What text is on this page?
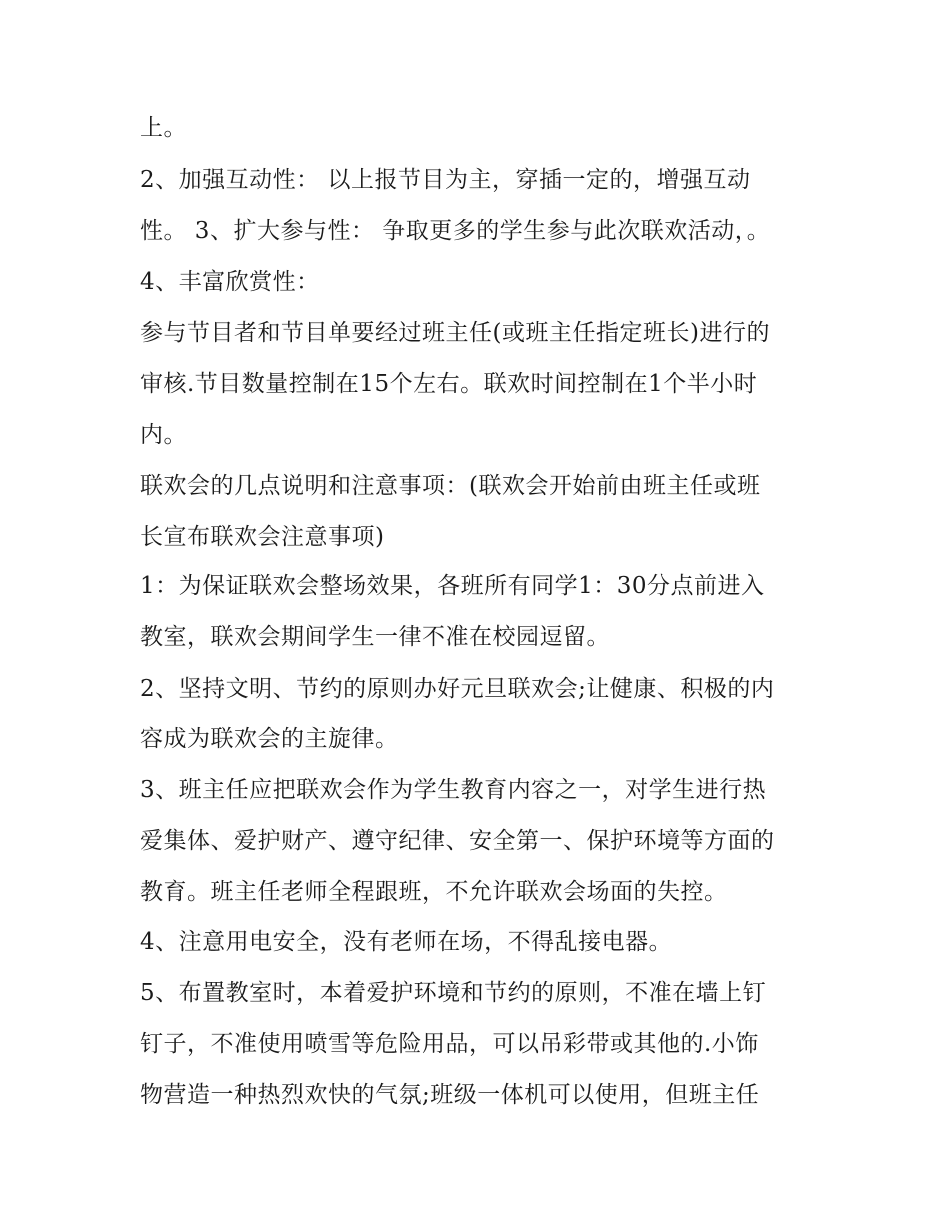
上。
2、加强互动性： 以上报节目为主，穿插一定的，增强互动
性。 3、扩大参与性： 争取更多的学生参与此次联欢活动，。
4、丰富欣赏性：
参与节目者和节目单要经过班主任(或班主任指定班长)进行的
审核.节目数量控制在15个左右。联欢时间控制在1个半小时
内。
联欢会的几点说明和注意事项：(联欢会开始前由班主任或班
长宣布联欢会注意事项)
1：为保证联欢会整场效果，各班所有同学1：30分点前进入
教室，联欢会期间学生一律不准在校园逗留。
2、坚持文明、节约的原则办好元旦联欢会;让健康、积极的内
容成为联欢会的主旋律。
3、班主任应把联欢会作为学生教育内容之一，对学生进行热
爱集体、爱护财产、遵守纪律、安全第一、保护环境等方面的
教育。班主任老师全程跟班，不允许联欢会场面的失控。
4、注意用电安全，没有老师在场，不得乱接电器。
5、布置教室时，本着爱护环境和节约的原则，不准在墙上钉
钉子，不准使用喷雪等危险用品，可以吊彩带或其他的.小饰
物营造一种热烈欢快的气氛;班级一体机可以使用，但班主任
